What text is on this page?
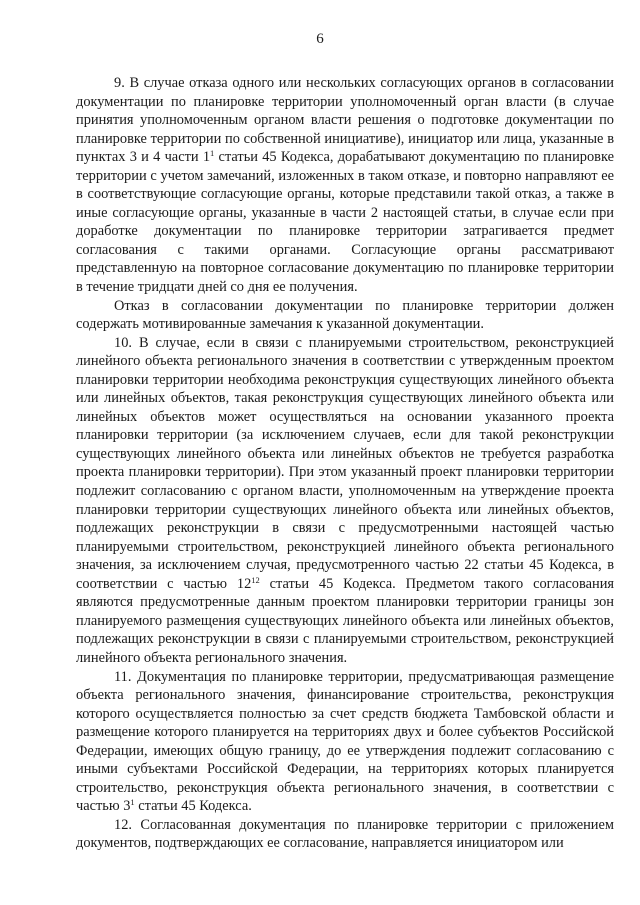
6

9. В случае отказа одного или нескольких согласующих органов в согласовании документации по планировке территории уполномоченный орган власти (в случае принятия уполномоченным органом власти решения о подготовке документации по планировке территории по собственной инициативе), инициатор или лица, указанные в пунктах 3 и 4 части $1^1$ статьи 45 Кодекса, дорабатывают документацию по планировке территории с учетом замечаний, изложенных в таком отказе, и повторно направляют ее в соответствующие согласующие органы, которые представили такой отказ, а также в иные согласующие органы, указанные в части 2 настоящей статьи, в случае если при доработке документации по планировке территории затрагивается предмет согласования с такими органами. Согласующие органы рассматривают представленную на повторное согласование документацию по планировке территории в течение тридцати дней со дня ее получения.

Отказ в согласовании документации по планировке территории должен содержать мотивированные замечания к указанной документации.

10. В случае, если в связи с планируемыми строительством, реконструкцией линейного объекта регионального значения в соответствии с утвержденным проектом планировки территории необходима реконструкция существующих линейного объекта или линейных объектов, такая реконструкция существующих линейного объекта или линейных объектов может осуществляться на основании указанного проекта планировки территории (за исключением случаев, если для такой реконструкции существующих линейного объекта или линейных объектов не требуется разработка проекта планировки территории). При этом указанный проект планировки территории подлежит согласованию с органом власти, уполномоченным на утверждение проекта планировки территории существующих линейного объекта или линейных объектов, подлежащих реконструкции в связи с предусмотренными настоящей частью планируемыми строительством, реконструкцией линейного объекта регионального значения, за исключением случая, предусмотренного частью 22 статьи 45 Кодекса, в соответствии с частью $12^{12}$ статьи 45 Кодекса. Предметом такого согласования являются предусмотренные данным проектом планировки территории границы зон планируемого размещения существующих линейного объекта или линейных объектов, подлежащих реконструкции в связи с планируемыми строительством, реконструкцией линейного объекта регионального значения.

11. Документация по планировке территории, предусматривающая размещение объекта регионального значения, финансирование строительства, реконструкция которого осуществляется полностью за счет средств бюджета Тамбовской области и размещение которого планируется на территориях двух и более субъектов Российской Федерации, имеющих общую границу, до ее утверждения подлежит согласованию с иными субъектами Российской Федерации, на территориях которых планируется строительство, реконструкция объекта регионального значения, в соответствии с частью $3^1$ статьи 45 Кодекса.

12. Согласованная документация по планировке территории с приложением документов, подтверждающих ее согласование, направляется инициатором или
